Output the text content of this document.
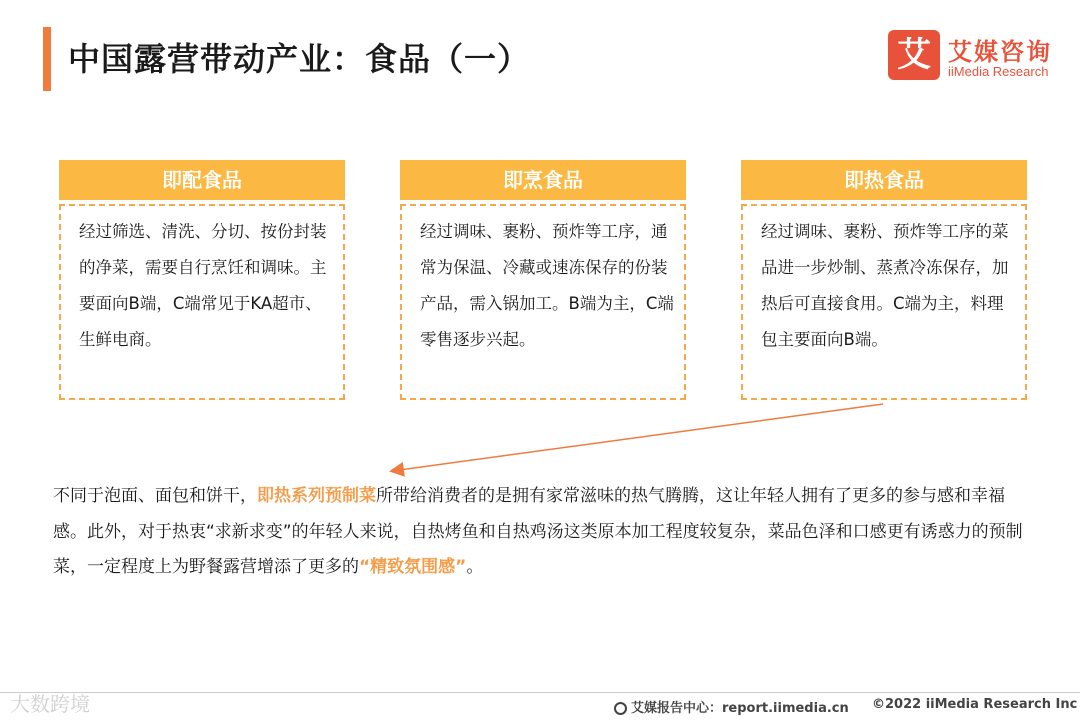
中国露营带动产业：食品（一）	艾 艾媒咨询
iiMedia Research
即配食品
经过筛选、清洗、分切、按份封装的净菜，需要自行烹饪和调味。主要面向B端，C端常见于KA超市、生鲜电商。
即烹食品
经过调味、裹粉、预炸等工序，通常为保温、冷藏或速冻保存的份装产品，需入锅加工。B端为主，C端零售逐步兴起。
即热食品
经过调味、裹粉、预炸等工序的菜品进一步炒制、蒸煮冷冻保存，加热后可直接食用。C端为主，料理包主要面向B端。
不同于泡面、面包和饼干，即热系列预制菜所带给消费者的是拥有家常滋味的热气腾腾，这让年轻人拥有了更多的参与感和幸福感。此外，对于热衷“求新求变”的年轻人来说，自热烤鱼和自热鸡汤这类原本加工程度较复杂，菜品色泽和口感更有诱惑力的预制菜，一定程度上为野餐露营增添了更多的“精致氛围感”。
大数跨境	艾媒报告中心：report.iimedia.cn ©2022 iiMedia Research Inc
